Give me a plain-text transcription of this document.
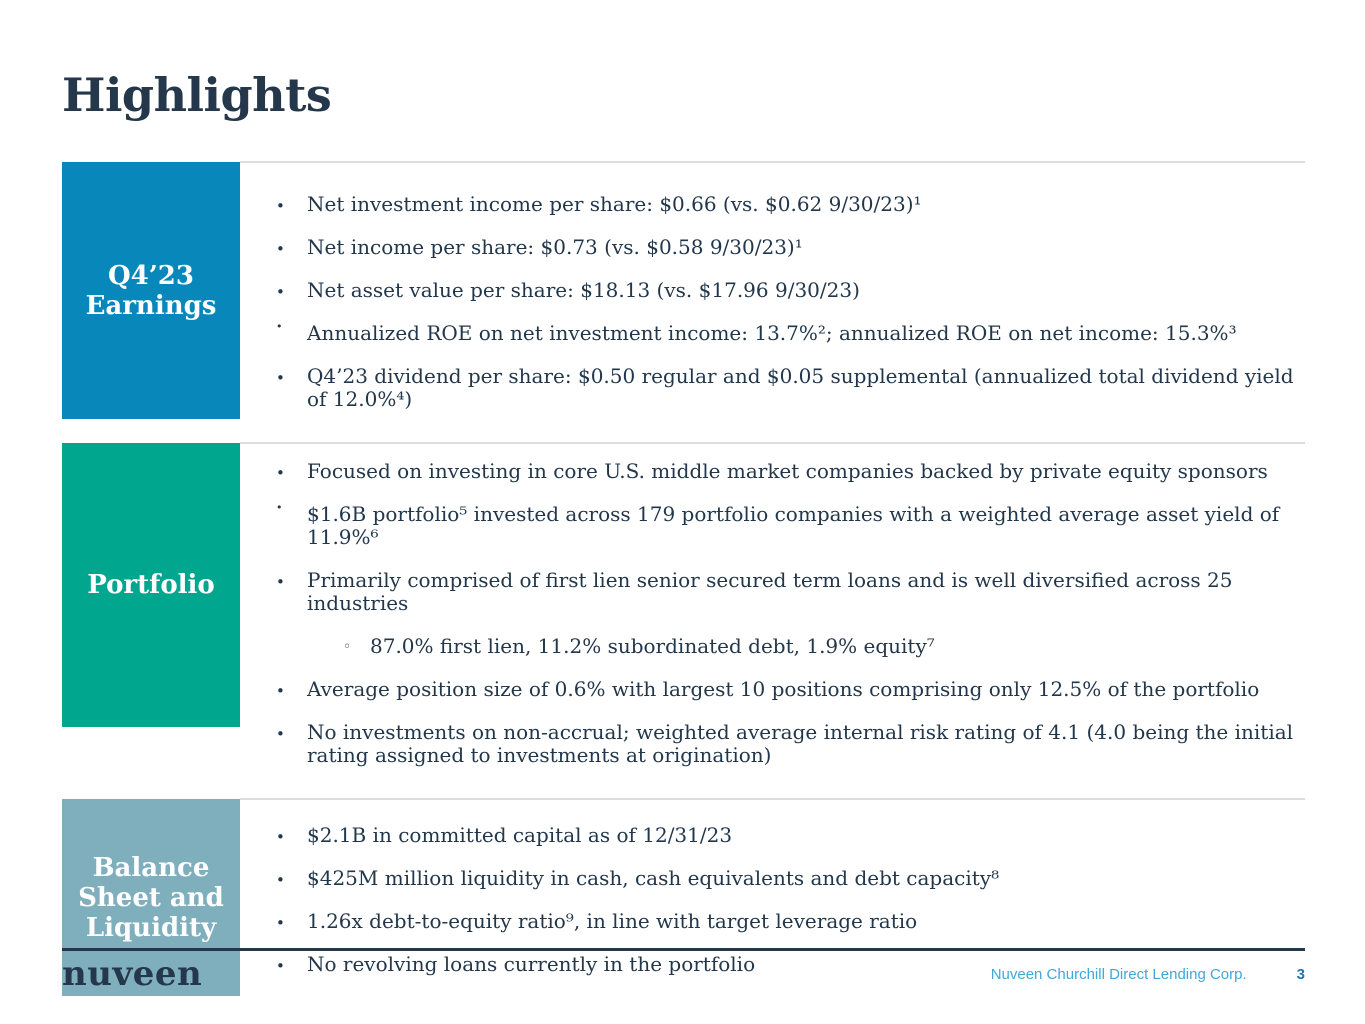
Highlights
Q4’23
Earnings
• Net investment income per share: $0.66 (vs. $0.62 9/30/23)¹
• Net income per share: $0.73 (vs. $0.58 9/30/23)¹
• Net asset value per share: $18.13 (vs. $17.96 9/30/23)
• Annualized ROE on net investment income: 13.7%²; annualized ROE on net income: 15.3%³
• Q4’23 dividend per share: $0.50 regular and $0.05 supplemental (annualized total dividend yield of 12.0%⁴)
Portfolio
• Focused on investing in core U.S. middle market companies backed by private equity sponsors
• $1.6B portfolio⁵ invested across 179 portfolio companies with a weighted average asset yield of 11.9%⁶
• Primarily comprised of first lien senior secured term loans and is well diversified across 25 industries
◦ 87.0% first lien, 11.2% subordinated debt, 1.9% equity⁷
• Average position size of 0.6% with largest 10 positions comprising only 12.5% of the portfolio
• No investments on non-accrual; weighted average internal risk rating of 4.1 (4.0 being the initial rating assigned to investments at origination)
Balance
Sheet and
Liquidity
• $2.1B in committed capital as of 12/31/23
• $425M million liquidity in cash, cash equivalents and debt capacity⁸
• 1.26x debt-to-equity ratio⁹, in line with target leverage ratio
• No revolving loans currently in the portfolio
nuveen	Nuveen Churchill Direct Lending Corp.	3
